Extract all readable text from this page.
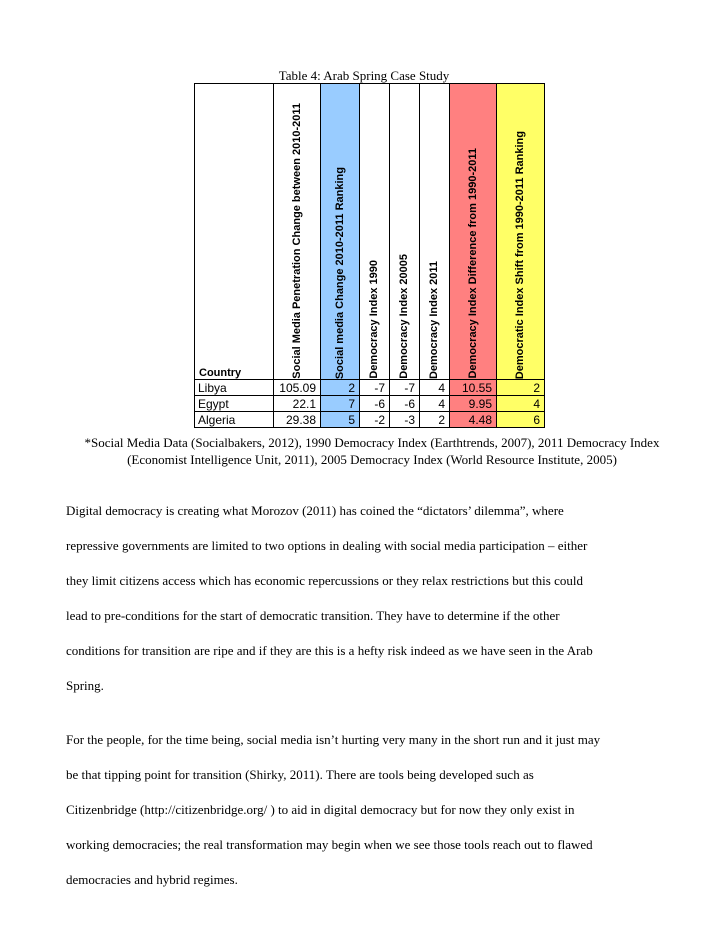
Table 4: Arab Spring Case Study
Country	Social Media Penetration Change between 2010-2011	Social media Change 2010-2011 Ranking	Democracy Index 1990	Democracy Index 20005	Democracy Index 2011	Democracy Index Difference from 1990-2011	Democratic Index Shift from 1990-2011 Ranking

Libya	105.09	2	-7	-7	4	10.55	2
Egypt	22.1	7	-6	-6	4	9.95	4
Algeria	29.38	5	-2	-3	2	4.48	6
*Social Media Data (Socialbakers, 2012), 1990 Democracy Index (Earthtrends, 2007), 2011 Democracy Index
(Economist Intelligence Unit, 2011), 2005 Democracy Index (World Resource Institute, 2005)
Digital democracy is creating what Morozov (2011) has coined the “dictators’ dilemma”, where
repressive governments are limited to two options in dealing with social media participation – either
they limit citizens access which has economic repercussions or they relax restrictions but this could
lead to pre-conditions for the start of democratic transition. They have to determine if the other
conditions for transition are ripe and if they are this is a hefty risk indeed as we have seen in the Arab
Spring.
For the people, for the time being, social media isn’t hurting very many in the short run and it just may
be that tipping point for transition (Shirky, 2011). There are tools being developed such as
Citizenbridge (http://citizenbridge.org/ ) to aid in digital democracy but for now they only exist in
working democracies; the real transformation may begin when we see those tools reach out to flawed
democracies and hybrid regimes.
